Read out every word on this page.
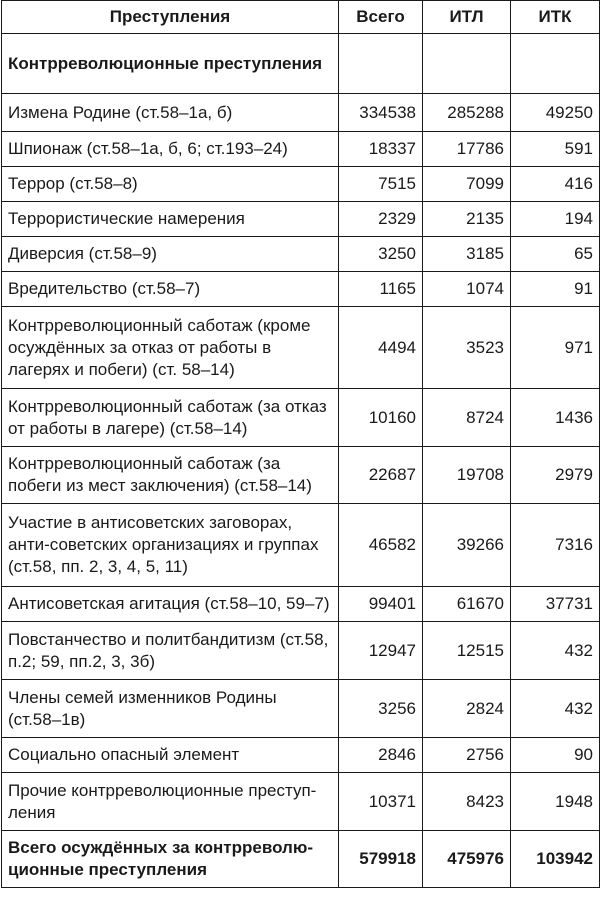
Преступления	Всего	ИТЛ	ИТК
Контрреволюционные преступления			
Измена Родине (ст.58–1а, б)	334538	285288	49250
Шпионаж (ст.58–1а, б, 6; ст.193–24)	18337	17786	591
Террор (ст.58–8)	7515	7099	416
Террористические намерения	2329	2135	194
Диверсия (ст.58–9)	3250	3185	65
Вредительство (ст.58–7)	1165	1074	91
Контрреволюционный саботаж (кроме осуждённых за отказ от работы в лагерях и побеги) (ст. 58–14)	4494	3523	971
Контрреволюционный саботаж (за отказ от работы в лагере) (ст.58–14)	10160	8724	1436
Контрреволюционный саботаж (за побеги из мест заключения) (ст.58–14)	22687	19708	2979
Участие в антисоветских заговорах, анти-советских организациях и группах (ст.58, пп. 2, 3, 4, 5, 11)	46582	39266	7316
Антисоветская агитация (ст.58–10, 59–7)	99401	61670	37731
Повстанчество и политбандитизм (ст.58, п.2; 59, пп.2, 3, 3б)	12947	12515	432
Члены семей изменников Родины (ст.58–1в)	3256	2824	432
Социально опасный элемент	2846	2756	90
Прочие контрреволюционные преступ-ления	10371	8423	1948
Всего осуждённых за контрреволю-ционные преступления	579918	475976	103942
